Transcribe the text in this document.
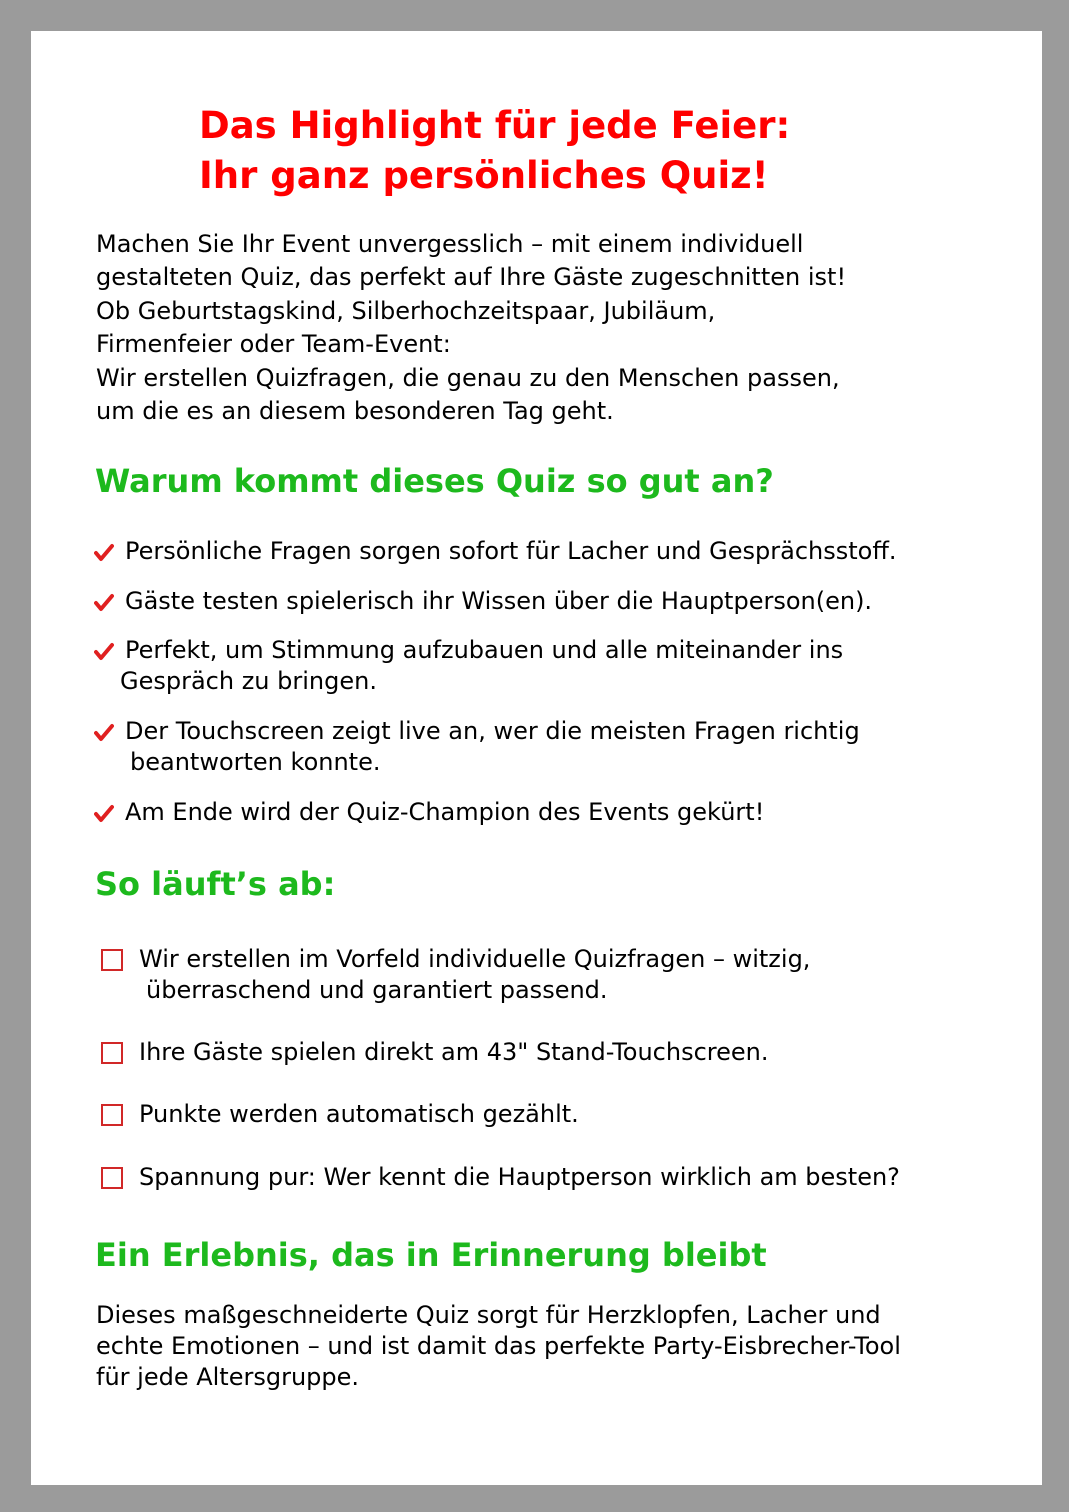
Das Highlight für jede Feier:
Ihr ganz persönliches Quiz!

Machen Sie Ihr Event unvergesslich – mit einem individuell
gestalteten Quiz, das perfekt auf Ihre Gäste zugeschnitten ist!
Ob Geburtstagskind, Silberhochzeitspaar, Jubiläum,
Firmenfeier oder Team-Event:
Wir erstellen Quizfragen, die genau zu den Menschen passen,
um die es an diesem besonderen Tag geht.

Warum kommt dieses Quiz so gut an?
Persönliche Fragen sorgen sofort für Lacher und Gesprächsstoff.
Gäste testen spielerisch ihr Wissen über die Hauptperson(en).
Perfekt, um Stimmung aufzubauen und alle miteinander ins
Gespräch zu bringen.
Der Touchscreen zeigt live an, wer die meisten Fragen richtig
beantworten konnte.
Am Ende wird der Quiz-Champion des Events gekürt!
So läuft’s ab:
Wir erstellen im Vorfeld individuelle Quizfragen – witzig,
überraschend und garantiert passend.
Ihre Gäste spielen direkt am 43" Stand-Touchscreen.
Punkte werden automatisch gezählt.
Spannung pur: Wer kennt die Hauptperson wirklich am besten?
Ein Erlebnis, das in Erinnerung bleibt

Dieses maßgeschneiderte Quiz sorgt für Herzklopfen, Lacher und
echte Emotionen – und ist damit das perfekte Party-Eisbrecher-Tool
für jede Altersgruppe.
